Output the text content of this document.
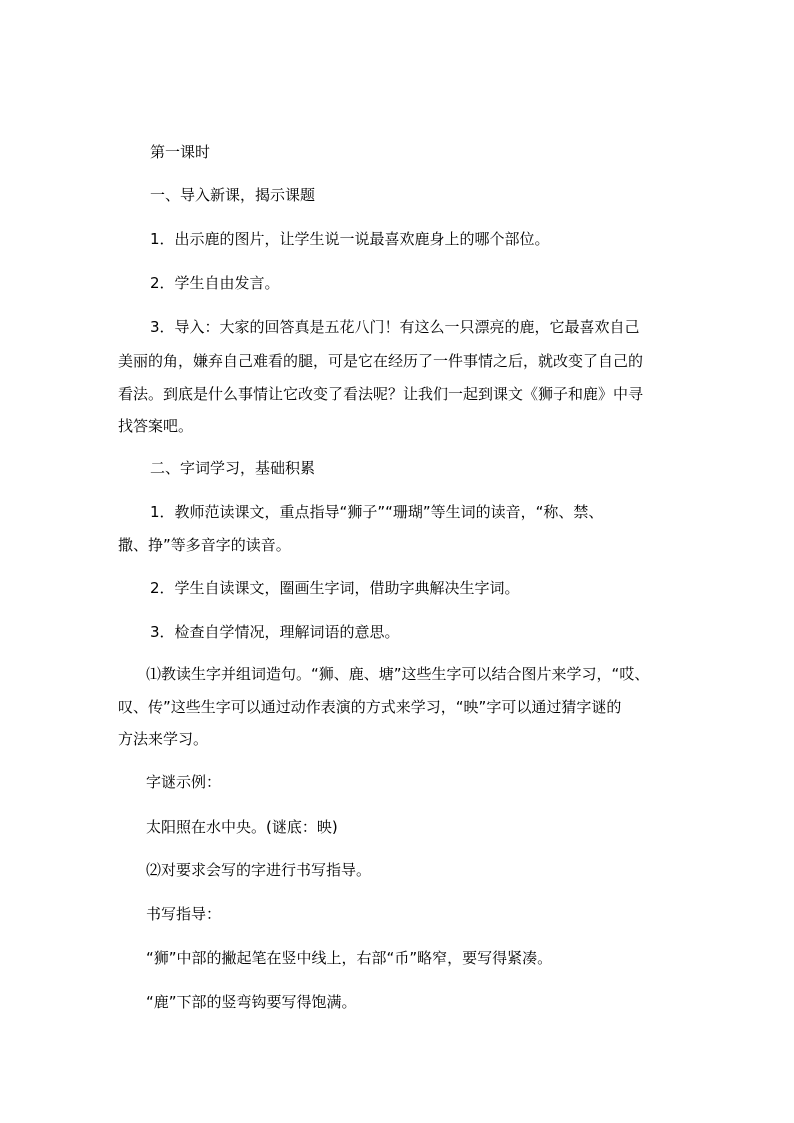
第一课时
一、导入新课，揭示课题
1．出示鹿的图片，让学生说一说最喜欢鹿身上的哪个部位。
2．学生自由发言。
3．导入：大家的回答真是五花八门！有这么一只漂亮的鹿，它最喜欢自己
美丽的角，嫌弃自己难看的腿，可是它在经历了一件事情之后，就改变了自己的
看法。到底是什么事情让它改变了看法呢？让我们一起到课文《狮子和鹿》中寻
找答案吧。
二、字词学习，基础积累
1．教师范读课文，重点指导“狮子”“珊瑚”等生词的读音，“称、禁、
撒、挣”等多音字的读音。
2．学生自读课文，圈画生字词，借助字典解决生字词。
3．检查自学情况，理解词语的意思。
⑴教读生字并组词造句。“狮、鹿、塘”这些生字可以结合图片来学习，“哎、
叹、传”这些生字可以通过动作表演的方式来学习，“映”字可以通过猜字谜的
方法来学习。
字谜示例：
太阳照在水中央。(谜底：映)
⑵对要求会写的字进行书写指导。
书写指导：
“狮”中部的撇起笔在竖中线上，右部“币”略窄，要写得紧凑。
“鹿”下部的竖弯钩要写得饱满。
